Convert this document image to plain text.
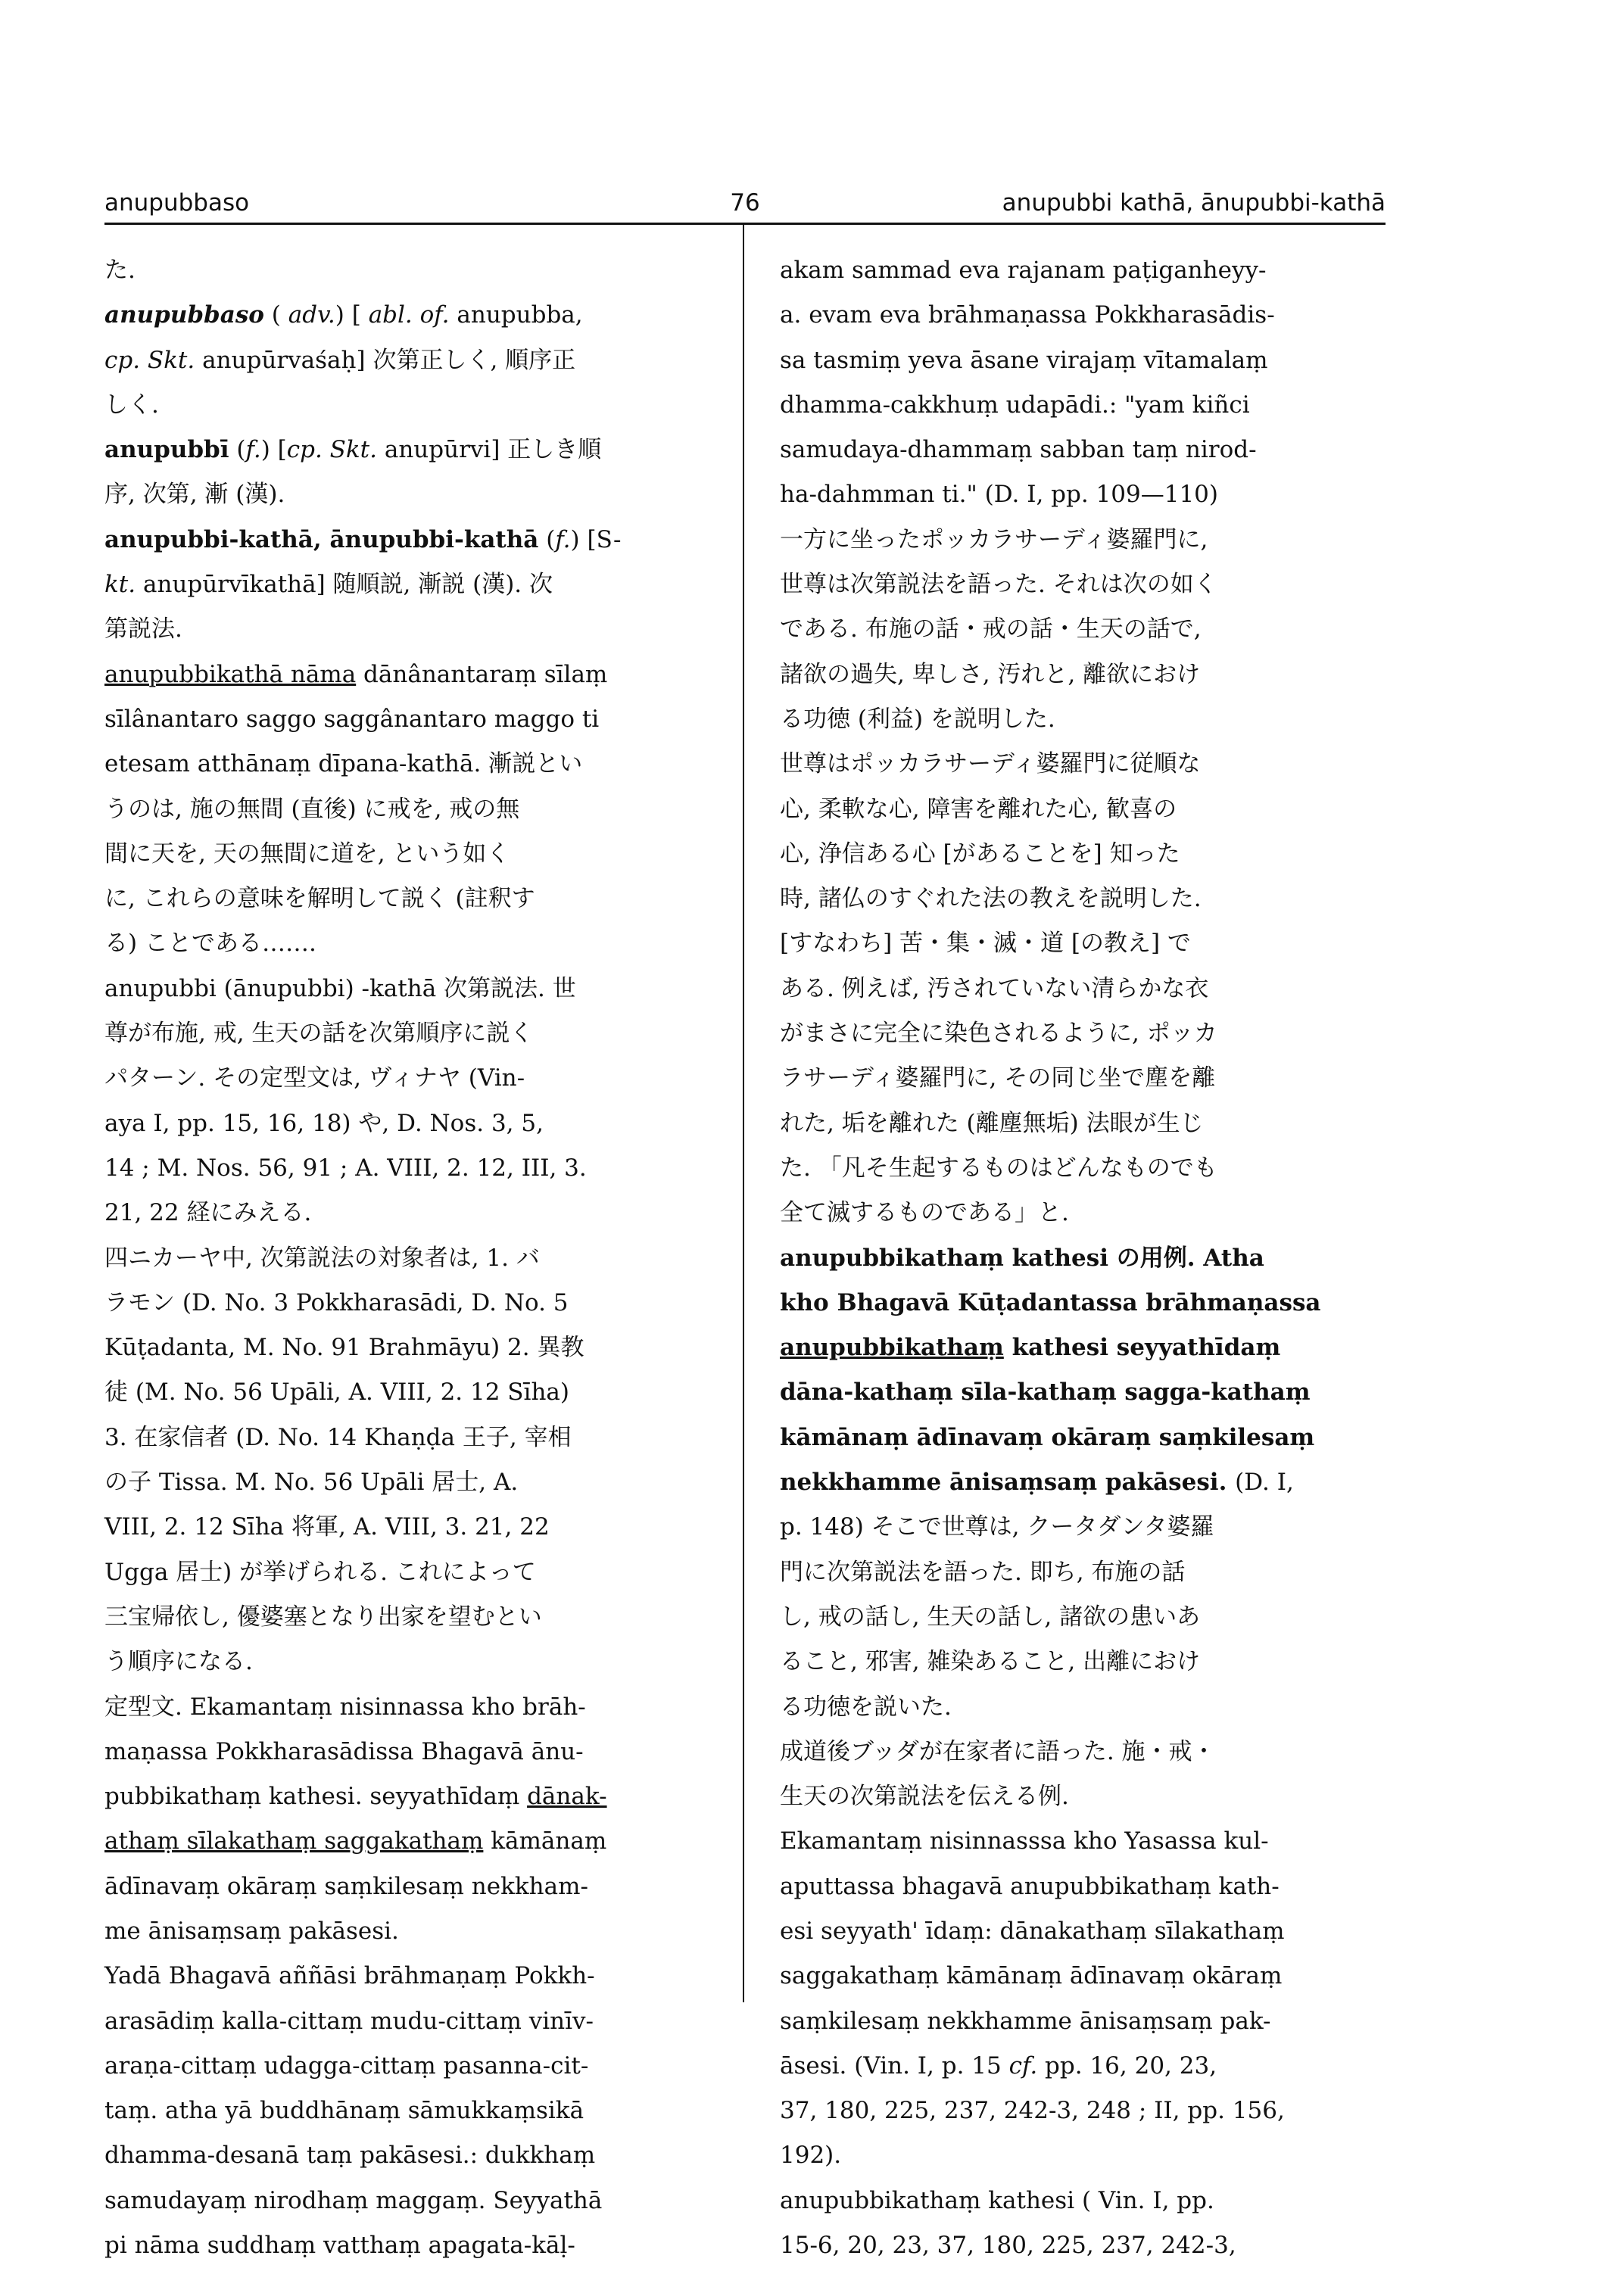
anupubbaso	76	anupubbi kathā, ānupubbi-kathā

た.

anupubbaso ( adv.) [ abl. of. anupubba,
cp. Skt. anupūrvaśaḥ] 次第正しく, 順序正
しく.

anupubbī (f.) [cp. Skt. anupūrvi] 正しき順
序, 次第, 漸 (漢).

anupubbi-kathā, ānupubbi-kathā (f.) [S-
kt. anupūrvīkathā] 随順説, 漸説 (漢). 次
第説法.

anupubbikathā nāma dānânantaraṃ sīlaṃ
sīlânantaro saggo saggânantaro maggo ti
etesam atthānaṃ dīpana-kathā. 漸説とい
うのは, 施の無間 (直後) に戒を, 戒の無
間に天を, 天の無間に道を, という如く
に, これらの意味を解明して説く (註釈す
る) ことである…….

anupubbi (ānupubbi) -kathā 次第説法. 世
尊が布施, 戒, 生天の話を次第順序に説く
パターン. その定型文は, ヴィナヤ (Vin-
aya I, pp. 15, 16, 18) や, D. Nos. 3, 5,
14 ; M. Nos. 56, 91 ; A. VIII, 2. 12, III, 3.
21, 22 経にみえる.

四ニカーヤ中, 次第説法の対象者は, 1. バ
ラモン (D. No. 3 Pokkharasādi, D. No. 5
Kūṭadanta, M. No. 91 Brahmāyu) 2. 異教
徒 (M. No. 56 Upāli, A. VIII, 2. 12 Sīha)
3. 在家信者 (D. No. 14 Khaṇḍa 王子, 宰相
の子 Tissa. M. No. 56 Upāli 居士, A.
VIII, 2. 12 Sīha 将軍, A. VIII, 3. 21, 22
Ugga 居士) が挙げられる. これによって
三宝帰依し, 優婆塞となり出家を望むとい
う順序になる.

定型文. Ekamantaṃ nisinnassa kho brāh-
maṇassa Pokkharasādissa Bhagavā ānu-
pubbikathaṃ kathesi. seyyathīdaṃ dānak-
athaṃ sīlakathaṃ saggakathaṃ kāmānaṃ
ādīnavaṃ okāraṃ saṃkilesaṃ nekkham-
me ānisaṃsaṃ pakāsesi.

Yadā Bhagavā aññāsi brāhmaṇaṃ Pokkh-
arasādiṃ kalla-cittaṃ mudu-cittaṃ vinīv-
araṇa-cittaṃ udagga-cittaṃ pasanna-cit-
taṃ. atha yā buddhānaṃ sāmukkaṃsikā
dhamma-desanā taṃ pakāsesi.: dukkhaṃ
samudayaṃ nirodhaṃ maggaṃ. Seyyathā
pi nāma suddhaṃ vatthaṃ apagata-kāḷ-

akam sammad eva rajanam paṭiganheyy-
a. evam eva brāhmaṇassa Pokkharasādis-
sa tasmiṃ yeva āsane virajaṃ vītamalaṃ
dhamma-cakkhuṃ udapādi.: "yam kiñci
samudaya-dhammaṃ sabban taṃ nirod-
ha-dahmman ti." (D. I, pp. 109—110)
一方に坐ったポッカラサーディ婆羅門に,
世尊は次第説法を語った. それは次の如く
である. 布施の話・戒の話・生天の話で,
諸欲の過失, 卑しさ, 汚れと, 離欲におけ
る功徳 (利益) を説明した.

世尊はポッカラサーディ婆羅門に従順な
心, 柔軟な心, 障害を離れた心, 歓喜の
心, 浄信ある心 [があることを] 知った
時, 諸仏のすぐれた法の教えを説明した.
[すなわち] 苦・集・滅・道 [の教え] で
ある. 例えば, 汚されていない清らかな衣
がまさに完全に染色されるように, ポッカ
ラサーディ婆羅門に, その同じ坐で塵を離
れた, 垢を離れた (離塵無垢) 法眼が生じ
た. 「凡そ生起するものはどんなものでも
全て滅するものである」と.

anupubbikathaṃ kathesi の用例. Atha
kho Bhagavā Kūṭadantassa brāhmaṇassa
anupubbikathaṃ kathesi seyyathīdaṃ
dāna-kathaṃ sīla-kathaṃ sagga-kathaṃ
kāmānaṃ ādīnavaṃ okāraṃ saṃkilesaṃ
nekkhamme ānisaṃsaṃ pakāsesi. (D. I,
p. 148) そこで世尊は, クータダンタ婆羅
門に次第説法を語った. 即ち, 布施の話
し, 戒の話し, 生天の話し, 諸欲の患いあ
ること, 邪害, 雑染あること, 出離におけ
る功徳を説いた.

成道後ブッダが在家者に語った. 施・戒・
生天の次第説法を伝える例.

Ekamantaṃ nisinnasssa kho Yasassa kul-
aputtassa bhagavā anupubbikathaṃ kath-
esi seyyath' īdaṃ: dānakathaṃ sīlakathaṃ
saggakathaṃ kāmānaṃ ādīnavaṃ okāraṃ
saṃkilesaṃ nekkhamme ānisaṃsaṃ pak-
āsesi. (Vin. I, p. 15 cf. pp. 16, 20, 23,
37, 180, 225, 237, 242-3, 248 ; II, pp. 156,
192).

anupubbikathaṃ kathesi ( Vin. I, pp.
15-6, 20, 23, 37, 180, 225, 237, 242-3,
